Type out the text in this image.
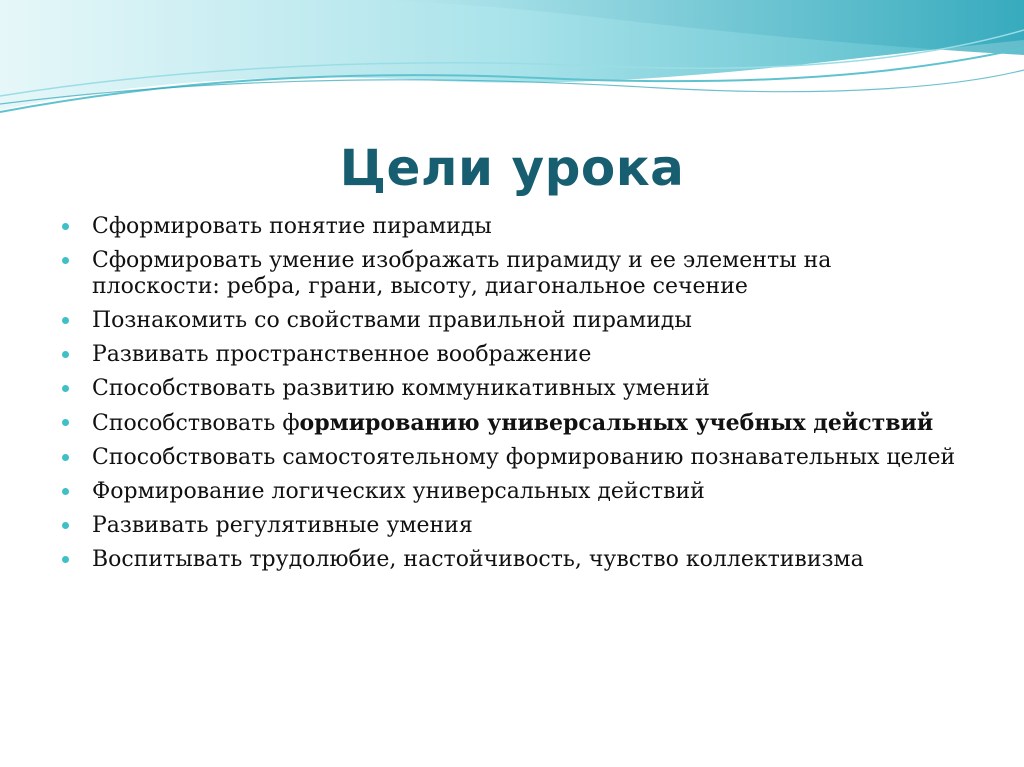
Цели урока
Сформировать понятие пирамиды
Сформировать умение изображать пирамиду и ее элементы на плоскости: ребра, грани, высоту, диагональное сечение
Познакомить со свойствами правильной пирамиды
Развивать пространственное воображение
Способствовать развитию коммуникативных умений
Способствовать формированию универсальных учебных действий
Способствовать самостоятельному формированию познавательных целей
Формирование логических универсальных действий
Развивать регулятивные умения
Воспитывать трудолюбие, настойчивость, чувство коллективизма
